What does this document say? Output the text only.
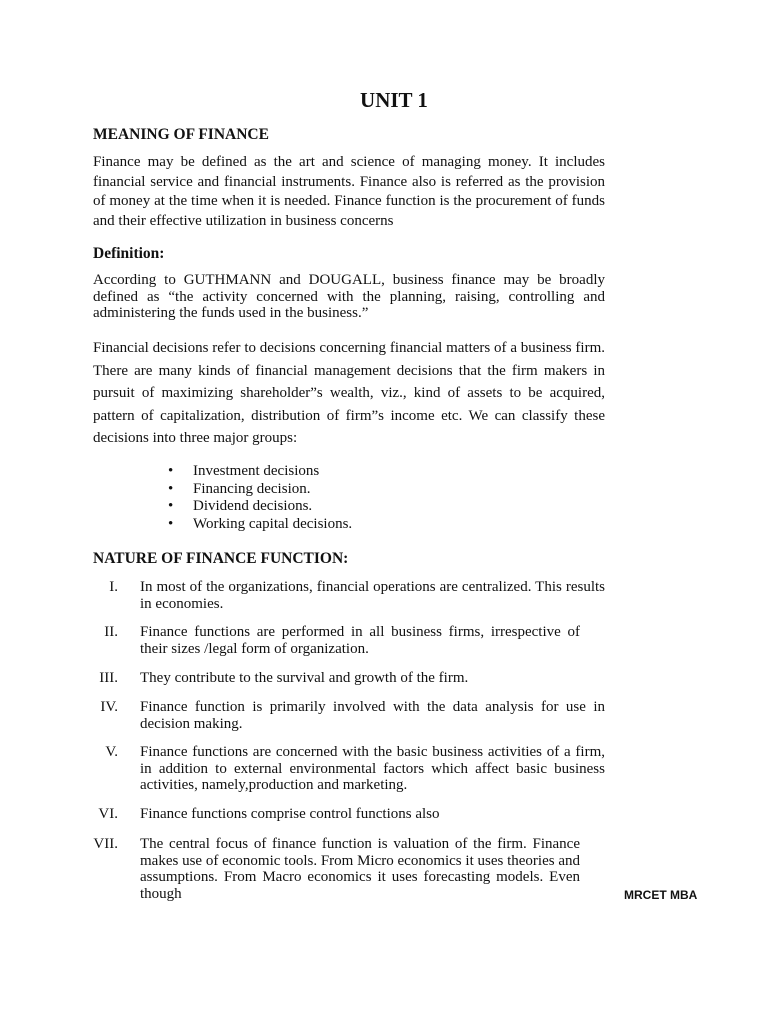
UNIT 1
MEANING OF FINANCE
Finance may be defined as the art and science of managing money. It includes financial service and financial instruments. Finance also is referred as the provision of money at the time when it is needed. Finance function is the procurement of funds and their effective utilization in business concerns
Definition:
According to GUTHMANN and DOUGALL, business finance may be broadly defined as “the activity concerned with the planning, raising, controlling and administering the funds used in the business.”
Financial decisions refer to decisions concerning financial matters of a business firm. There are many kinds of financial management decisions that the firm makers in pursuit of maximizing shareholder”s wealth, viz., kind of assets to be acquired, pattern of capitalization, distribution of firm”s income etc. We can classify these decisions into three major groups:
• Investment decisions
• Financing decision.
• Dividend decisions.
• Working capital decisions.
NATURE OF FINANCE FUNCTION:
I. In most of the organizations, financial operations are centralized. This results in economies.
II. Finance functions are performed in all business firms, irrespective of their sizes /legal form of organization.
III. They contribute to the survival and growth of the firm.
IV. Finance function is primarily involved with the data analysis for use in decision making.
V. Finance functions are concerned with the basic business activities of a firm, in addition to external environmental factors which affect basic business activities, namely,production and marketing.
VI. Finance functions comprise control functions also
VII. The central focus of finance function is valuation of the firm. Finance makes use of economic tools. From Micro economics it uses theories and assumptions. From Macro economics it uses forecasting models. Even though	MRCET MBA
